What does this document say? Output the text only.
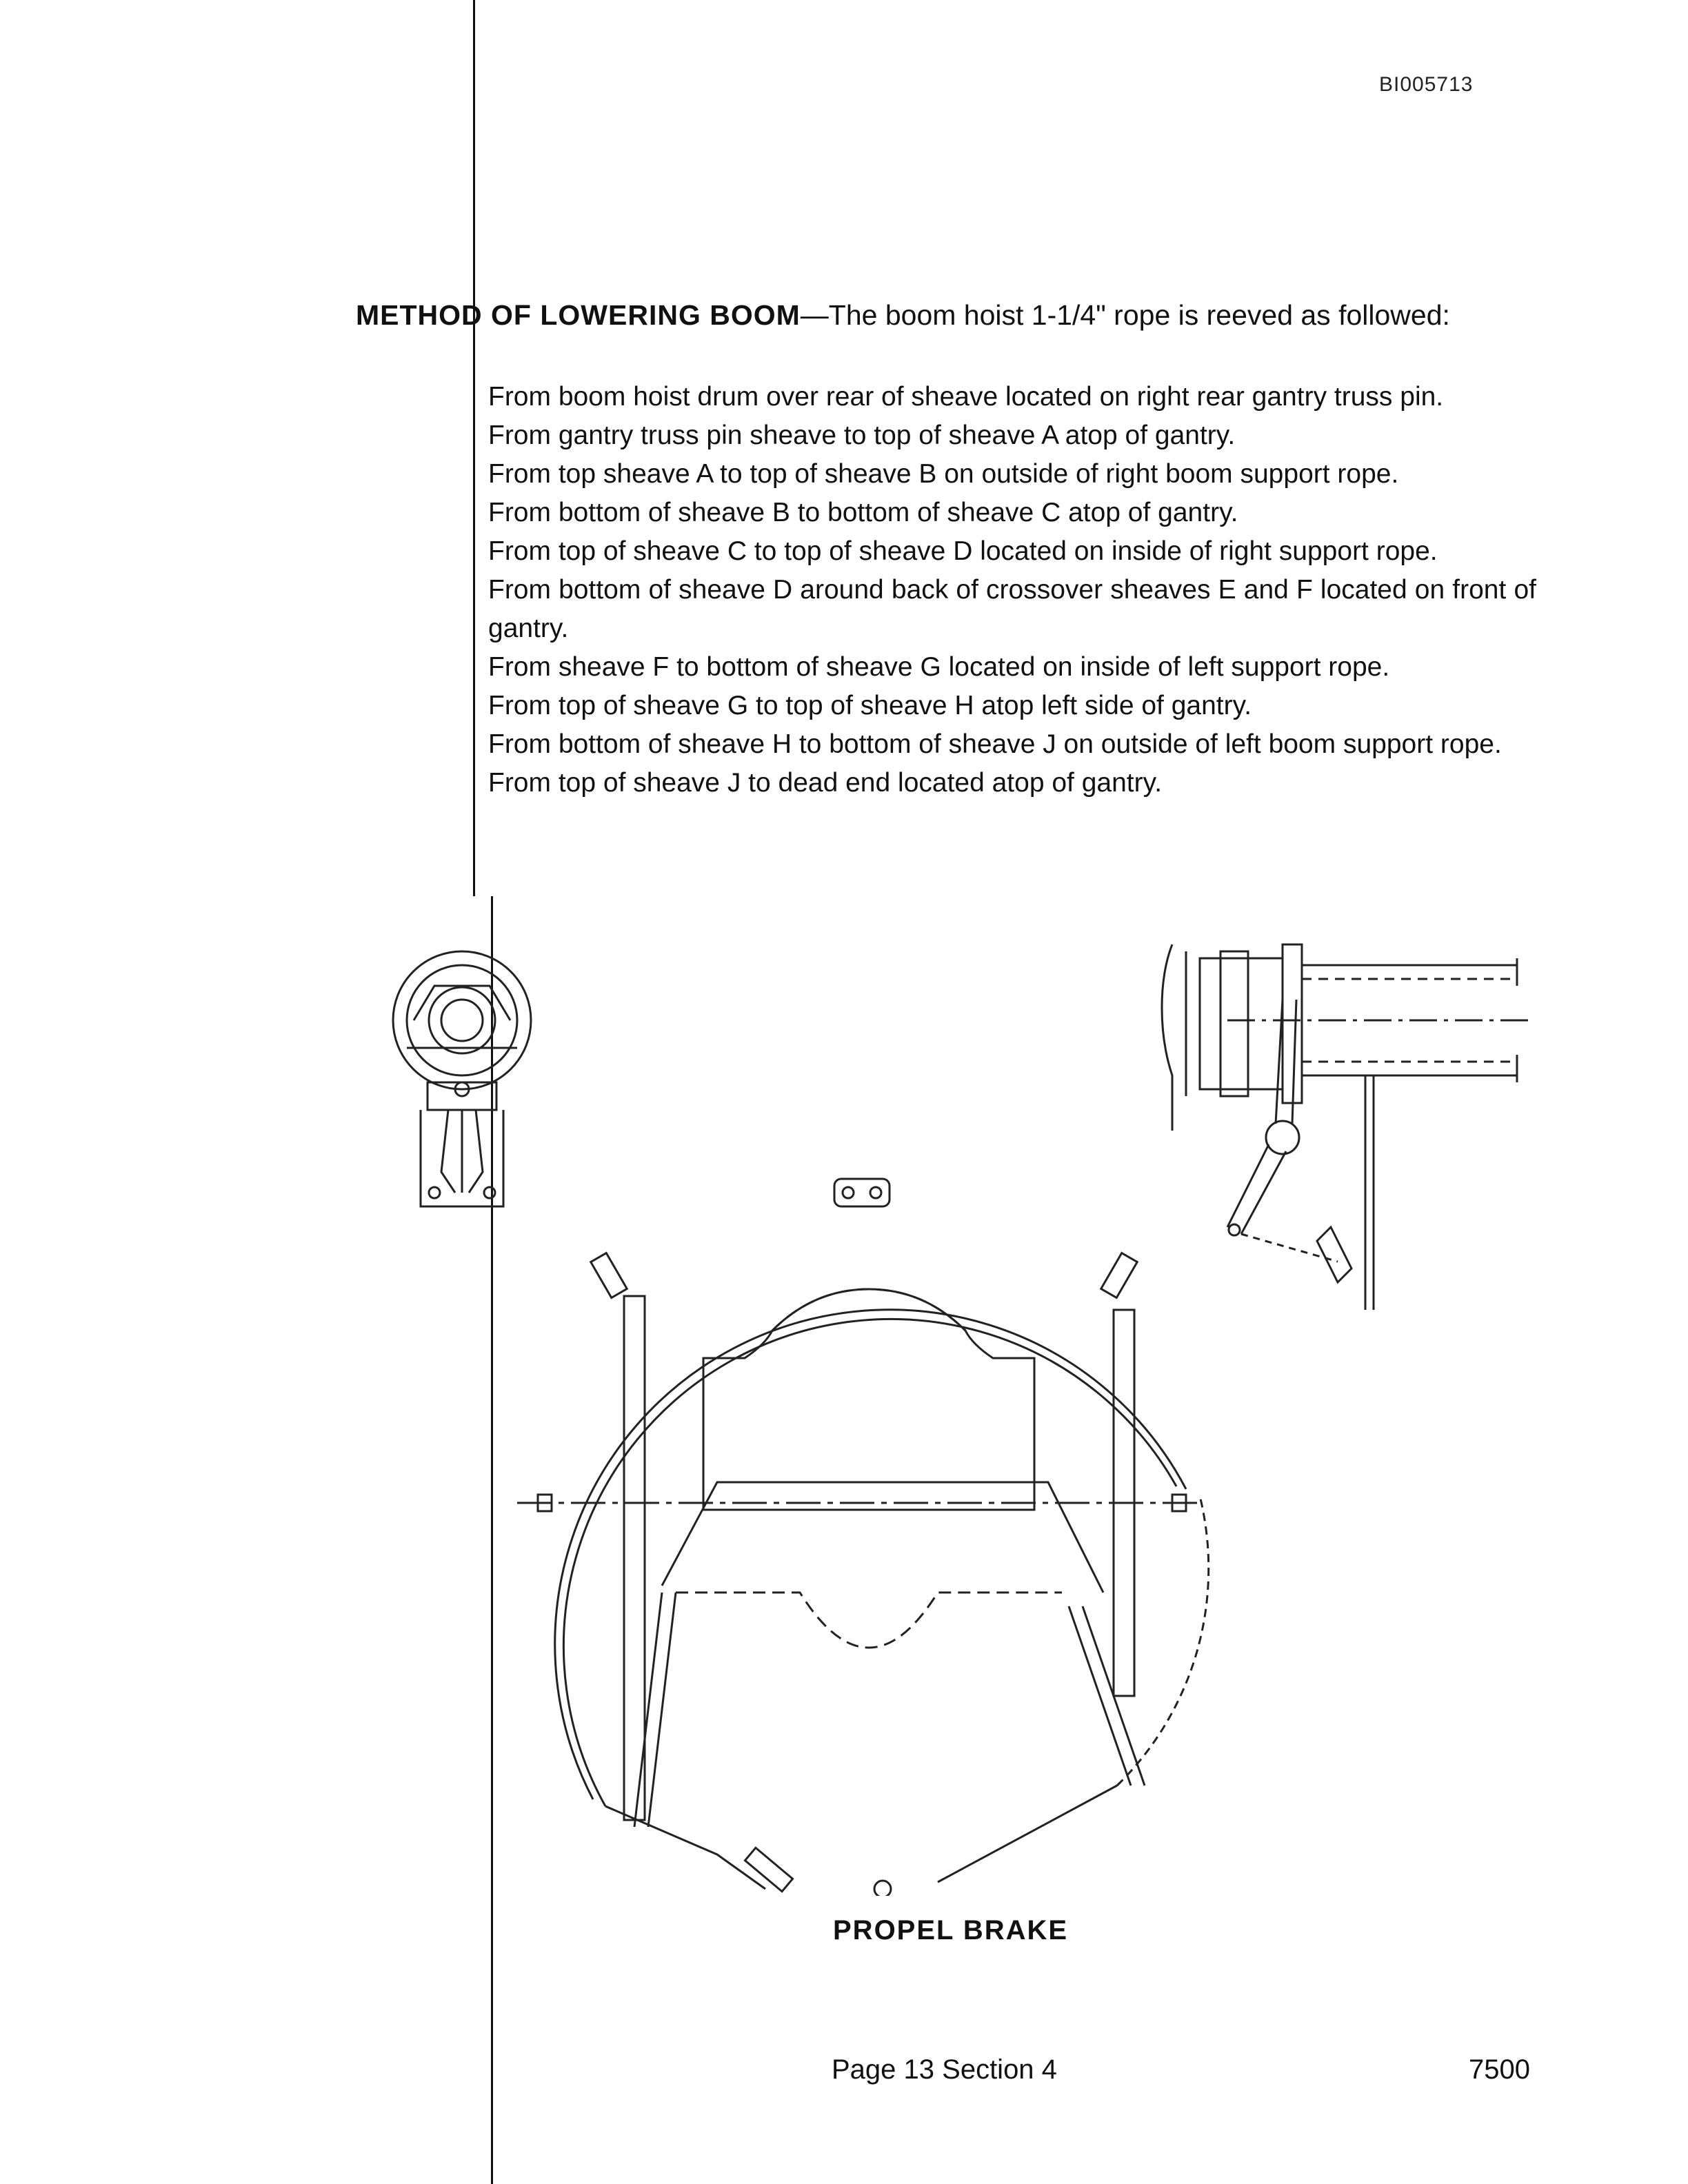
BI005713
METHOD OF LOWERING BOOM—The boom hoist 1-1/4" rope is reeved as followed:
From boom hoist drum over rear of sheave located on right rear gantry truss pin.
From gantry truss pin sheave to top of sheave A atop of gantry.
From top sheave A to top of sheave B on outside of right boom support rope.
From bottom of sheave B to bottom of sheave C atop of gantry.
From top of sheave C to top of sheave D located on inside of right support rope.
From bottom of sheave D around back of crossover sheaves E and F located on front of gantry.
From sheave F to bottom of sheave G located on inside of left support rope.
From top of sheave G to top of sheave H atop left side of gantry.
From bottom of sheave H to bottom of sheave J on outside of left boom support rope.
From top of sheave J to dead end located atop of gantry.
PROPEL BRAKE
Page 13 Section 4	7500
